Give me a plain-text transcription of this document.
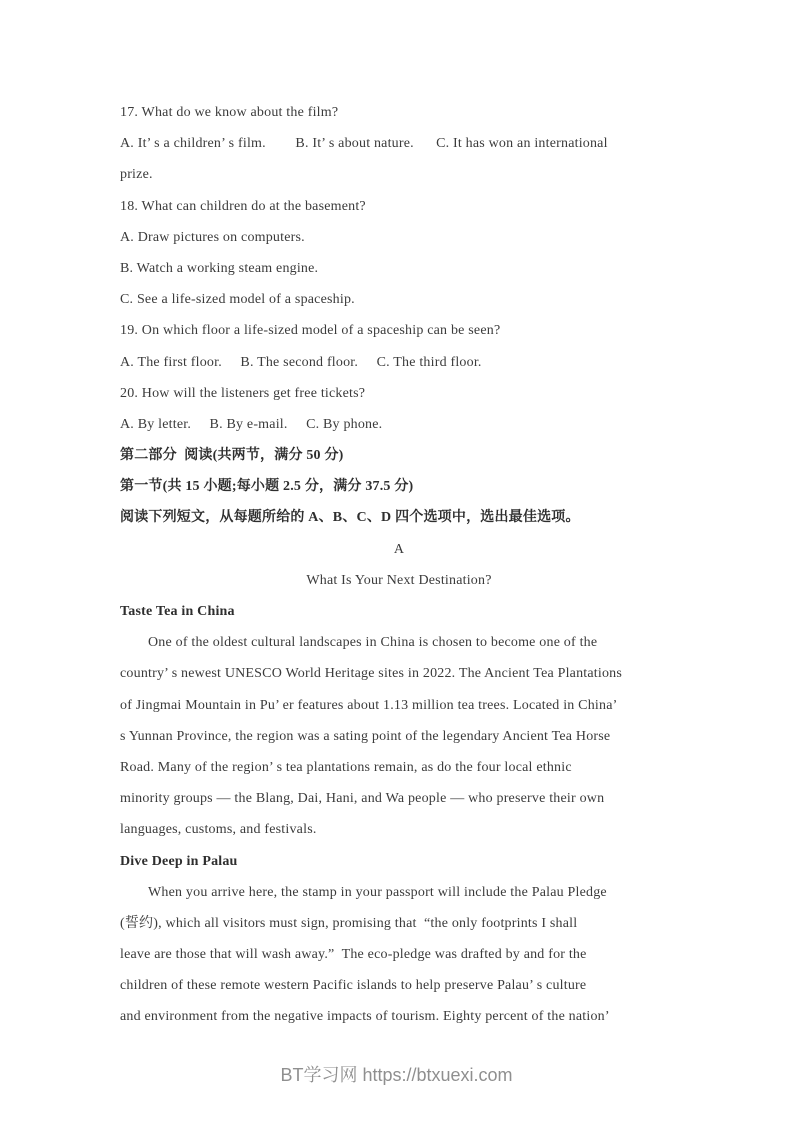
17. What do we know about the film?

A. It’ s a children’ s film.        B. It’ s about nature.      C. It has won an international

prize.

18. What can children do at the basement?

A. Draw pictures on computers.

B. Watch a working steam engine.

C. See a life-sized model of a spaceship.

19. On which floor a life-sized model of a spaceship can be seen?

A. The first floor.     B. The second floor.     C. The third floor.

20. How will the listeners get free tickets?

A. By letter.     B. By e-mail.     C. By phone.

第二部分  阅读(共两节，满分 50 分)

第一节(共 15 小题;每小题 2.5 分，满分 37.5 分)

阅读下列短文，从每题所给的 A、B、C、D 四个选项中，选出最佳选项。

A

What Is Your Next Destination?

Taste Tea in China

One of the oldest cultural landscapes in China is chosen to become one of the

country’ s newest UNESCO World Heritage sites in 2022. The Ancient Tea Plantations

of Jingmai Mountain in Pu’ er features about 1.13 million tea trees. Located in China’

s Yunnan Province, the region was a sating point of the legendary Ancient Tea Horse

Road. Many of the region’ s tea plantations remain, as do the four local ethnic

minority groups — the Blang, Dai, Hani, and Wa people — who preserve their own

languages, customs, and festivals.

Dive Deep in Palau

When you arrive here, the stamp in your passport will include the Palau Pledge

(誓约), which all visitors must sign, promising that  “the only footprints I shall

leave are those that will wash away.”  The eco-pledge was drafted by and for the

children of these remote western Pacific islands to help preserve Palau’ s culture

and environment from the negative impacts of tourism. Eighty percent of the nation’

BT学习网 https://btxuexi.com
